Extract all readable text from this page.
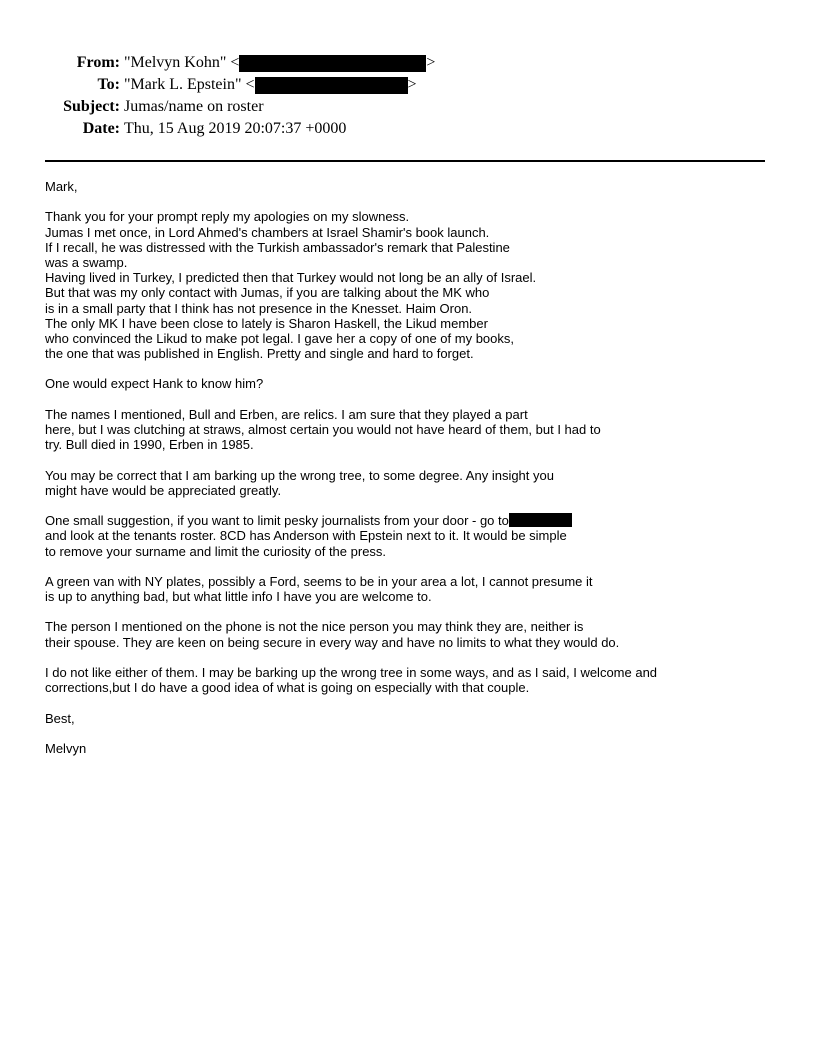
From: "Melvyn Kohn" <	>
To: "Mark L. Epstein" <	>
Subject: Jumas/name on roster
Date: Thu, 15 Aug 2019 20:07:37 +0000
Mark,
Thank you for your prompt reply my apologies on my slowness.
Jumas I met once, in Lord Ahmed's chambers at Israel Shamir's book launch.
If I recall, he was distressed with the Turkish ambassador's remark that Palestine
was a swamp.
Having lived in Turkey, I predicted then that Turkey would not long be an ally of Israel.
But that was my only contact with Jumas, if you are talking about the MK who
is in a small party that I think has not presence in the Knesset. Haim Oron.
The only MK I have been close to lately is Sharon Haskell, the Likud member
who convinced the Likud to make pot legal. I gave her a copy of one of my books,
the one that was published in English. Pretty and single and hard to forget.
One would expect Hank to know him?
The names I mentioned, Bull and Erben, are relics. I am sure that they played a part
here, but I was clutching at straws, almost certain you would not have heard of them, but I had to
try. Bull died in 1990, Erben in 1985.
You may be correct that I am barking up the wrong tree, to some degree. Any insight you
might have would be appreciated greatly.
One small suggestion, if you want to limit pesky journalists from your door - go to
and look at the tenants roster. 8CD has Anderson with Epstein next to it. It would be simple
to remove your surname and limit the curiosity of the press.
A green van with NY plates, possibly a Ford, seems to be in your area a lot, I cannot presume it
is up to anything bad, but what little info I have you are welcome to.
The person I mentioned on the phone is not the nice person you may think they are, neither is
their spouse. They are keen on being secure in every way and have no limits to what they would do.
I do not like either of them. I may be barking up the wrong tree in some ways, and as I said, I welcome and
corrections,but I do have a good idea of what is going on especially with that couple.
Best,
Melvyn
